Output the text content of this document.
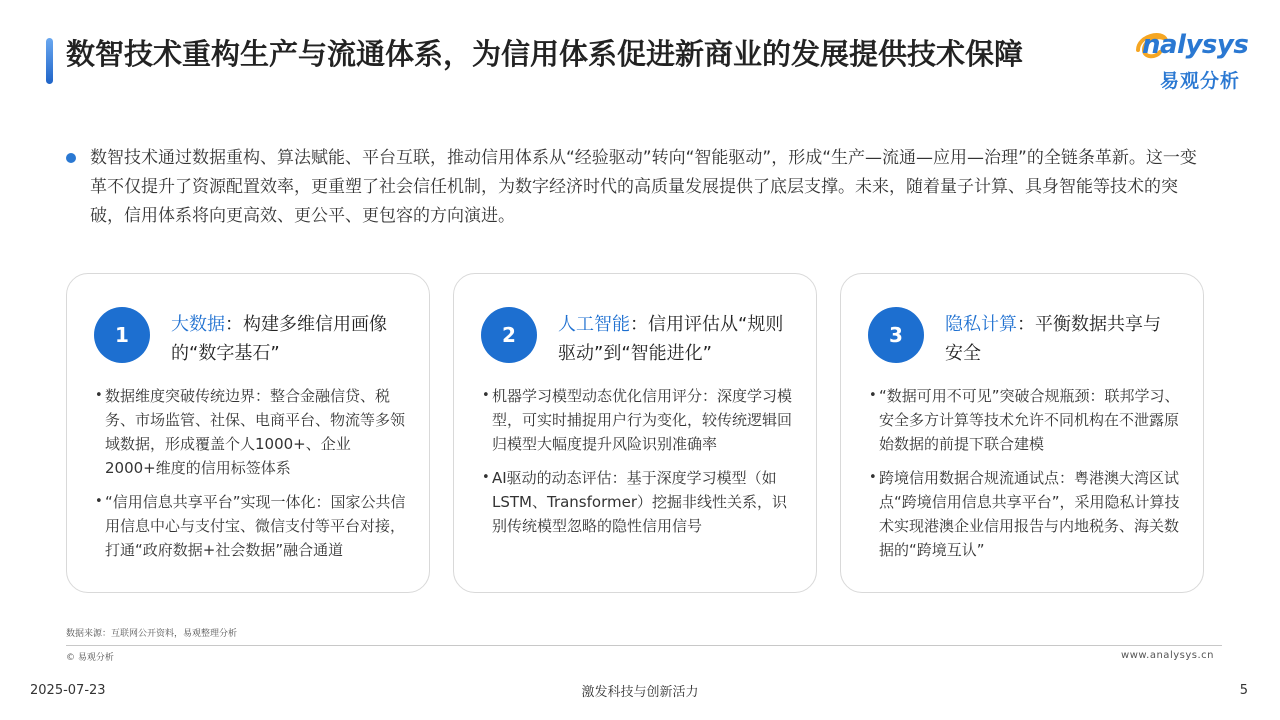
数智技术重构生产与流通体系，为信用体系促进新商业的发展提供技术保障	nalysys
易观分析

数智技术通过数据重构、算法赋能、平台互联，推动信用体系从“经验驱动”转向“智能驱动”，形成“生产—流通—应用—治理”的全链条革新。这一变革不仅提升了资源配置效率，更重塑了社会信任机制，为数字经济时代的高质量发展提供了底层支撑。未来，随着量子计算、具身智能等技术的突破，信用体系将向更高效、更公平、更包容的方向演进。

1	大数据：构建多维信用画像的“数字基石”
• 数据维度突破传统边界：整合金融信贷、税务、市场监管、社保、电商平台、物流等多领域数据，形成覆盖个人1000+、企业2000+维度的信用标签体系
• “信用信息共享平台”实现一体化：国家公共信用信息中心与支付宝、微信支付等平台对接，打通“政府数据+社会数据”融合通道
2	人工智能：信用评估从“规则驱动”到“智能进化”
• 机器学习模型动态优化信用评分：深度学习模型，可实时捕捉用户行为变化，较传统逻辑回归模型大幅度提升风险识别准确率
• AI驱动的动态评估：基于深度学习模型（如LSTM、Transformer）挖掘非线性关系，识别传统模型忽略的隐性信用信号
3	隐私计算：平衡数据共享与安全
• “数据可用不可见”突破合规瓶颈：联邦学习、安全多方计算等技术允许不同机构在不泄露原始数据的前提下联合建模
• 跨境信用数据合规流通试点：粤港澳大湾区试点“跨境信用信息共享平台”，采用隐私计算技术实现港澳企业信用报告与内地税务、海关数据的“跨境互认”
数据来源：互联网公开资料，易观整理分析
© 易观分析	www.analysys.cn
2025-07-23	激发科技与创新活力	5
